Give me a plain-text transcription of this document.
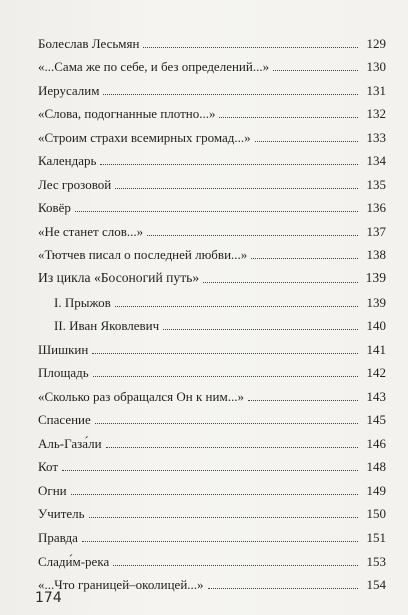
Болеслав Лесьмян	129
«...Сама же по себе, и без определений...»	130
Иерусалим	131
«Слова, подогнанные плотно...»	132
«Строим страхи всемирных громад...»	133
Календарь	134
Лес грозовой	135
Ковёр	136
«Не станет слов...»	137
«Тютчев писал о последней любви...»	138
Из цикла «Босоногий путь»	139
I. Прыжов	139
II. Иван Яковлевич	140
Шишкин	141
Площадь	142
«Сколько раз обращался Он к ним...»	143
Спасение	145
Аль-Газа́ли	146
Кот	148
Огни	149
Учитель	150
Правда	151
Слади́м-река	153
«...Что границей–околицей...»	154
174
